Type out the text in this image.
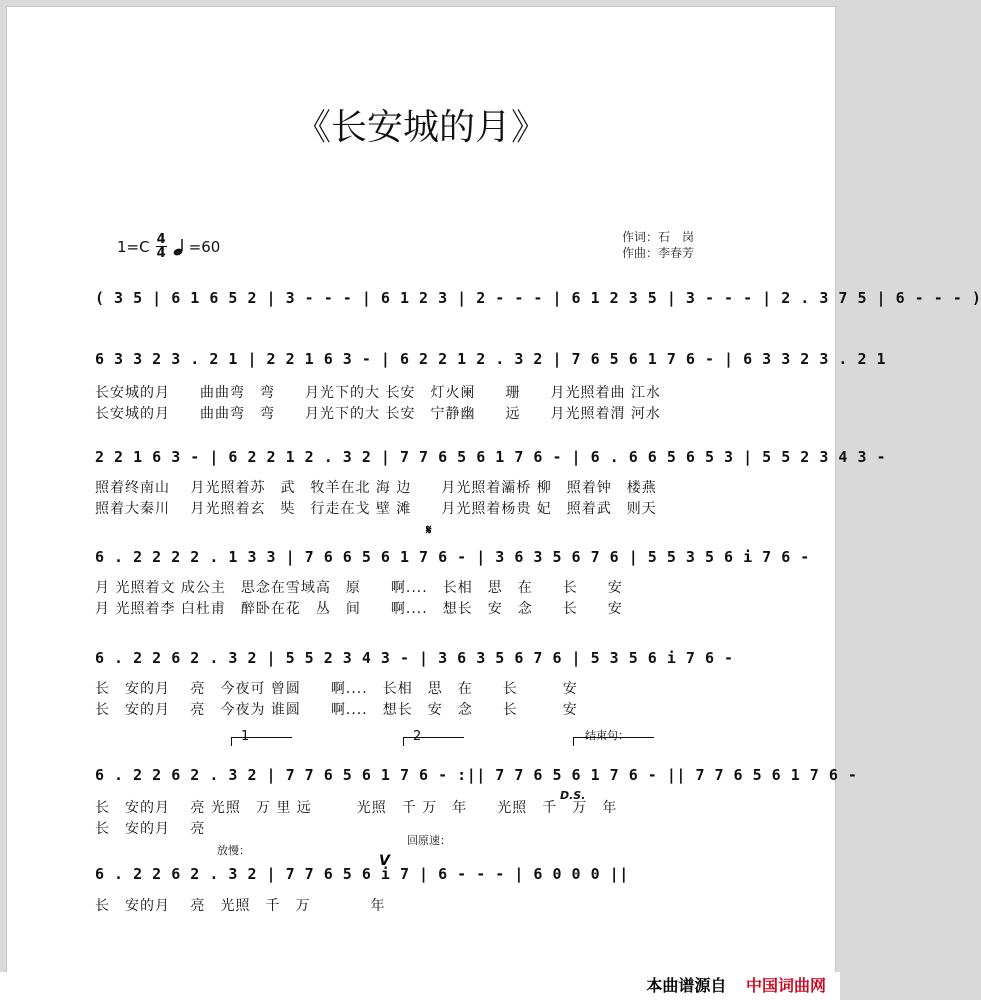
《长安城的月》
$1=C \frac{4}{4} =60$
作词：石　岗
作曲：李春芳
( 3 5 | 6 1 6 5 2 | 3 - - - | 6 1 2 3 | 2 - - - | 6 1 2 3 5 | 3 - - - | 2 . 3 7 5 | 6 - - - )
6 3 3 2 3 . 2 1 | 2 2 1 6 3 - | 6 2 2 1 2 . 3 2 | 7 6 5 6 1 7 6 - | 6 3 3 2 3 . 2 1
长安城的月　　曲曲弯　弯　　月光下的大 长安　灯火阑　　珊　　月光照着曲 江水
长安城的月　　曲曲弯　弯　　月光下的大 长安　宁静幽　　远　　月光照着渭 河水
2 2 1 6 3 - | 6 2 2 1 2 . 3 2 | 7 7 6 5 6 1 7 6 - | 6 . 6 6 5 6 5 3 | 5 5 2 3 4 3 -
照着终南山　 月光照着苏　武　牧羊在北 海 边　　月光照着灞桥 柳　照着钟　楼燕
照着大秦川　 月光照着玄　奘　行走在戈 壁 滩　　月光照着杨贵 妃　照着武　则天
𝄋
6 . 2 2 2 2 . 1 3 3 | 7 6 6 5 6 1 7 6 - | 3 6 3 5 6 7 6 | 5 5 3 5 6 i 7 6 -
月 光照着文 成公主　思念在雪域高　原　　啊....　长相　思　在　　长　　安
月 光照着李 白杜甫　醉卧在花　丛　间　　啊....　想长　安　念　　长　　安
6 . 2 2 6 2 . 3 2 | 5 5 2 3 4 3 - | 3 6 3 5 6 7 6 | 5 3 5 6 i 7 6 -
长　安的月　 亮　今夜可 曾圆　　啊....　长相　思　在　　长　　　安
长　安的月　 亮　今夜为 谁圆　　啊....　想长　安　念　　长　　　安
1	2	结束句：
6 . 2 2 6 2 . 3 2 | 7 7 6 5 6 1 7 6 - :|| 7 7 6 5 6 1 7 6 - || 7 7 6 5 6 1 7 6 -
D.S.
长　安的月　 亮 光照　万 里 远　　　光照　千 万　年　　光照　千　万　年
长　安的月　 亮
放慢：
回原速：
6 . 2 2 6 2 . 3 2 | 7 7 6 5 6 i 7 | 6 - - - | 6 0 0 0 ||
V
长　安的月　 亮　光照　千　万　　　　年
本曲谱源自 中国词曲网
